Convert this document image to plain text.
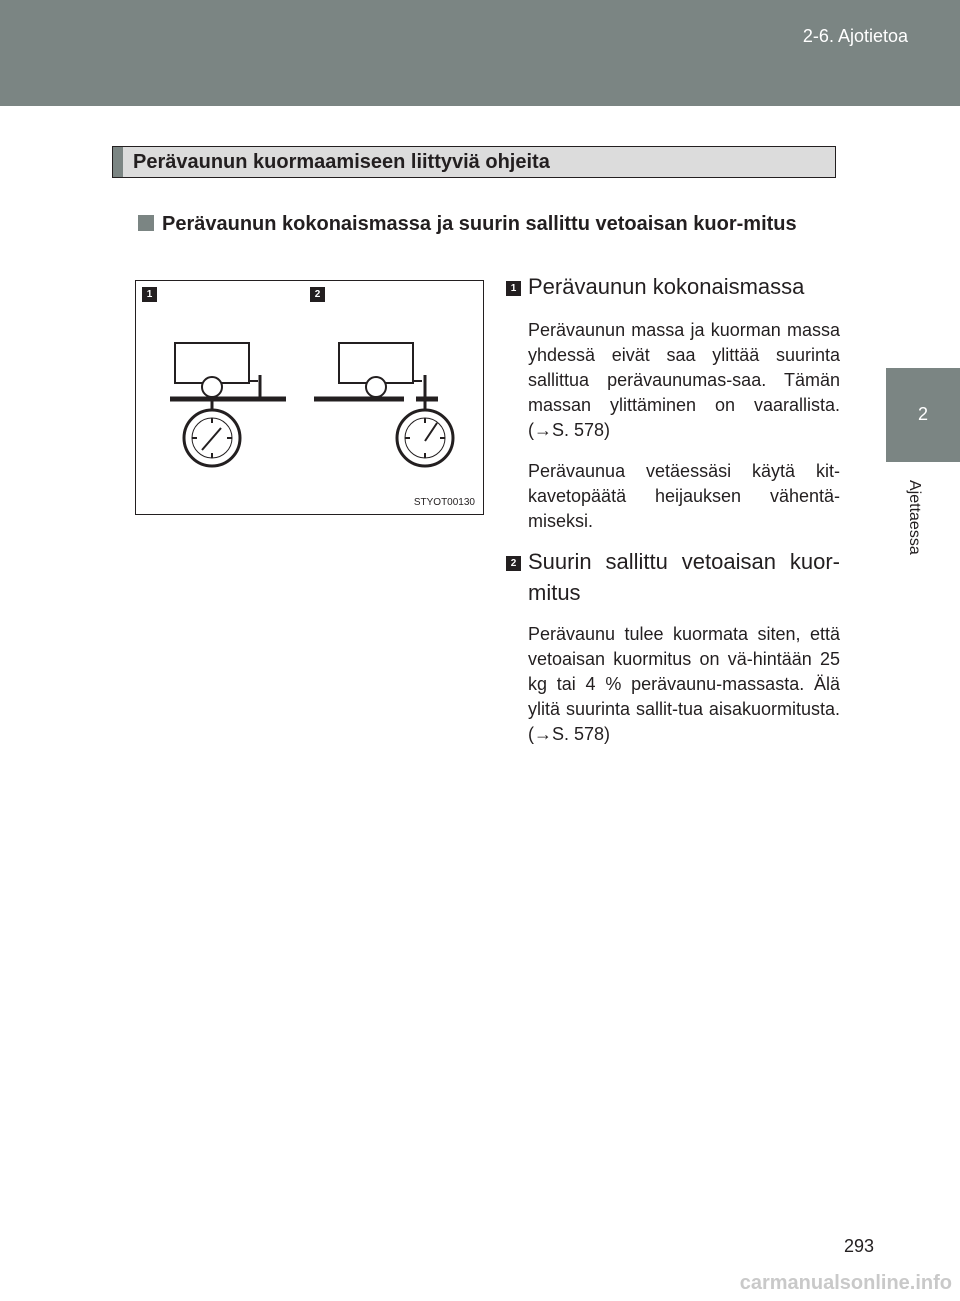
2-6. Ajotietoa
2
Ajettaessa
Perävaunun kuormaamiseen liittyviä ohjeita
Perävaunun kokonaismassa ja suurin sallittu vetoaisan kuor-mitus
1	2
STYOT00130
1 Perävaunun kokonaismassa
Perävaunun massa ja kuorman massa yhdessä eivät saa ylittää suurinta sallittua perävaunumas-saa. Tämän massan ylittäminen on vaarallista. (→S. 578)
Perävaunua vetäessäsi käytä kit-kavetopäätä heijauksen vähentä-miseksi.
2 Suurin sallittu vetoaisan kuor-mitus
Perävaunu tulee kuormata siten, että vetoaisan kuormitus on vä-hintään 25 kg tai 4 % perävaunu-massasta. Älä ylitä suurinta sallit-tua aisakuormitusta. (→S. 578)
293
carmanualsonline.info
